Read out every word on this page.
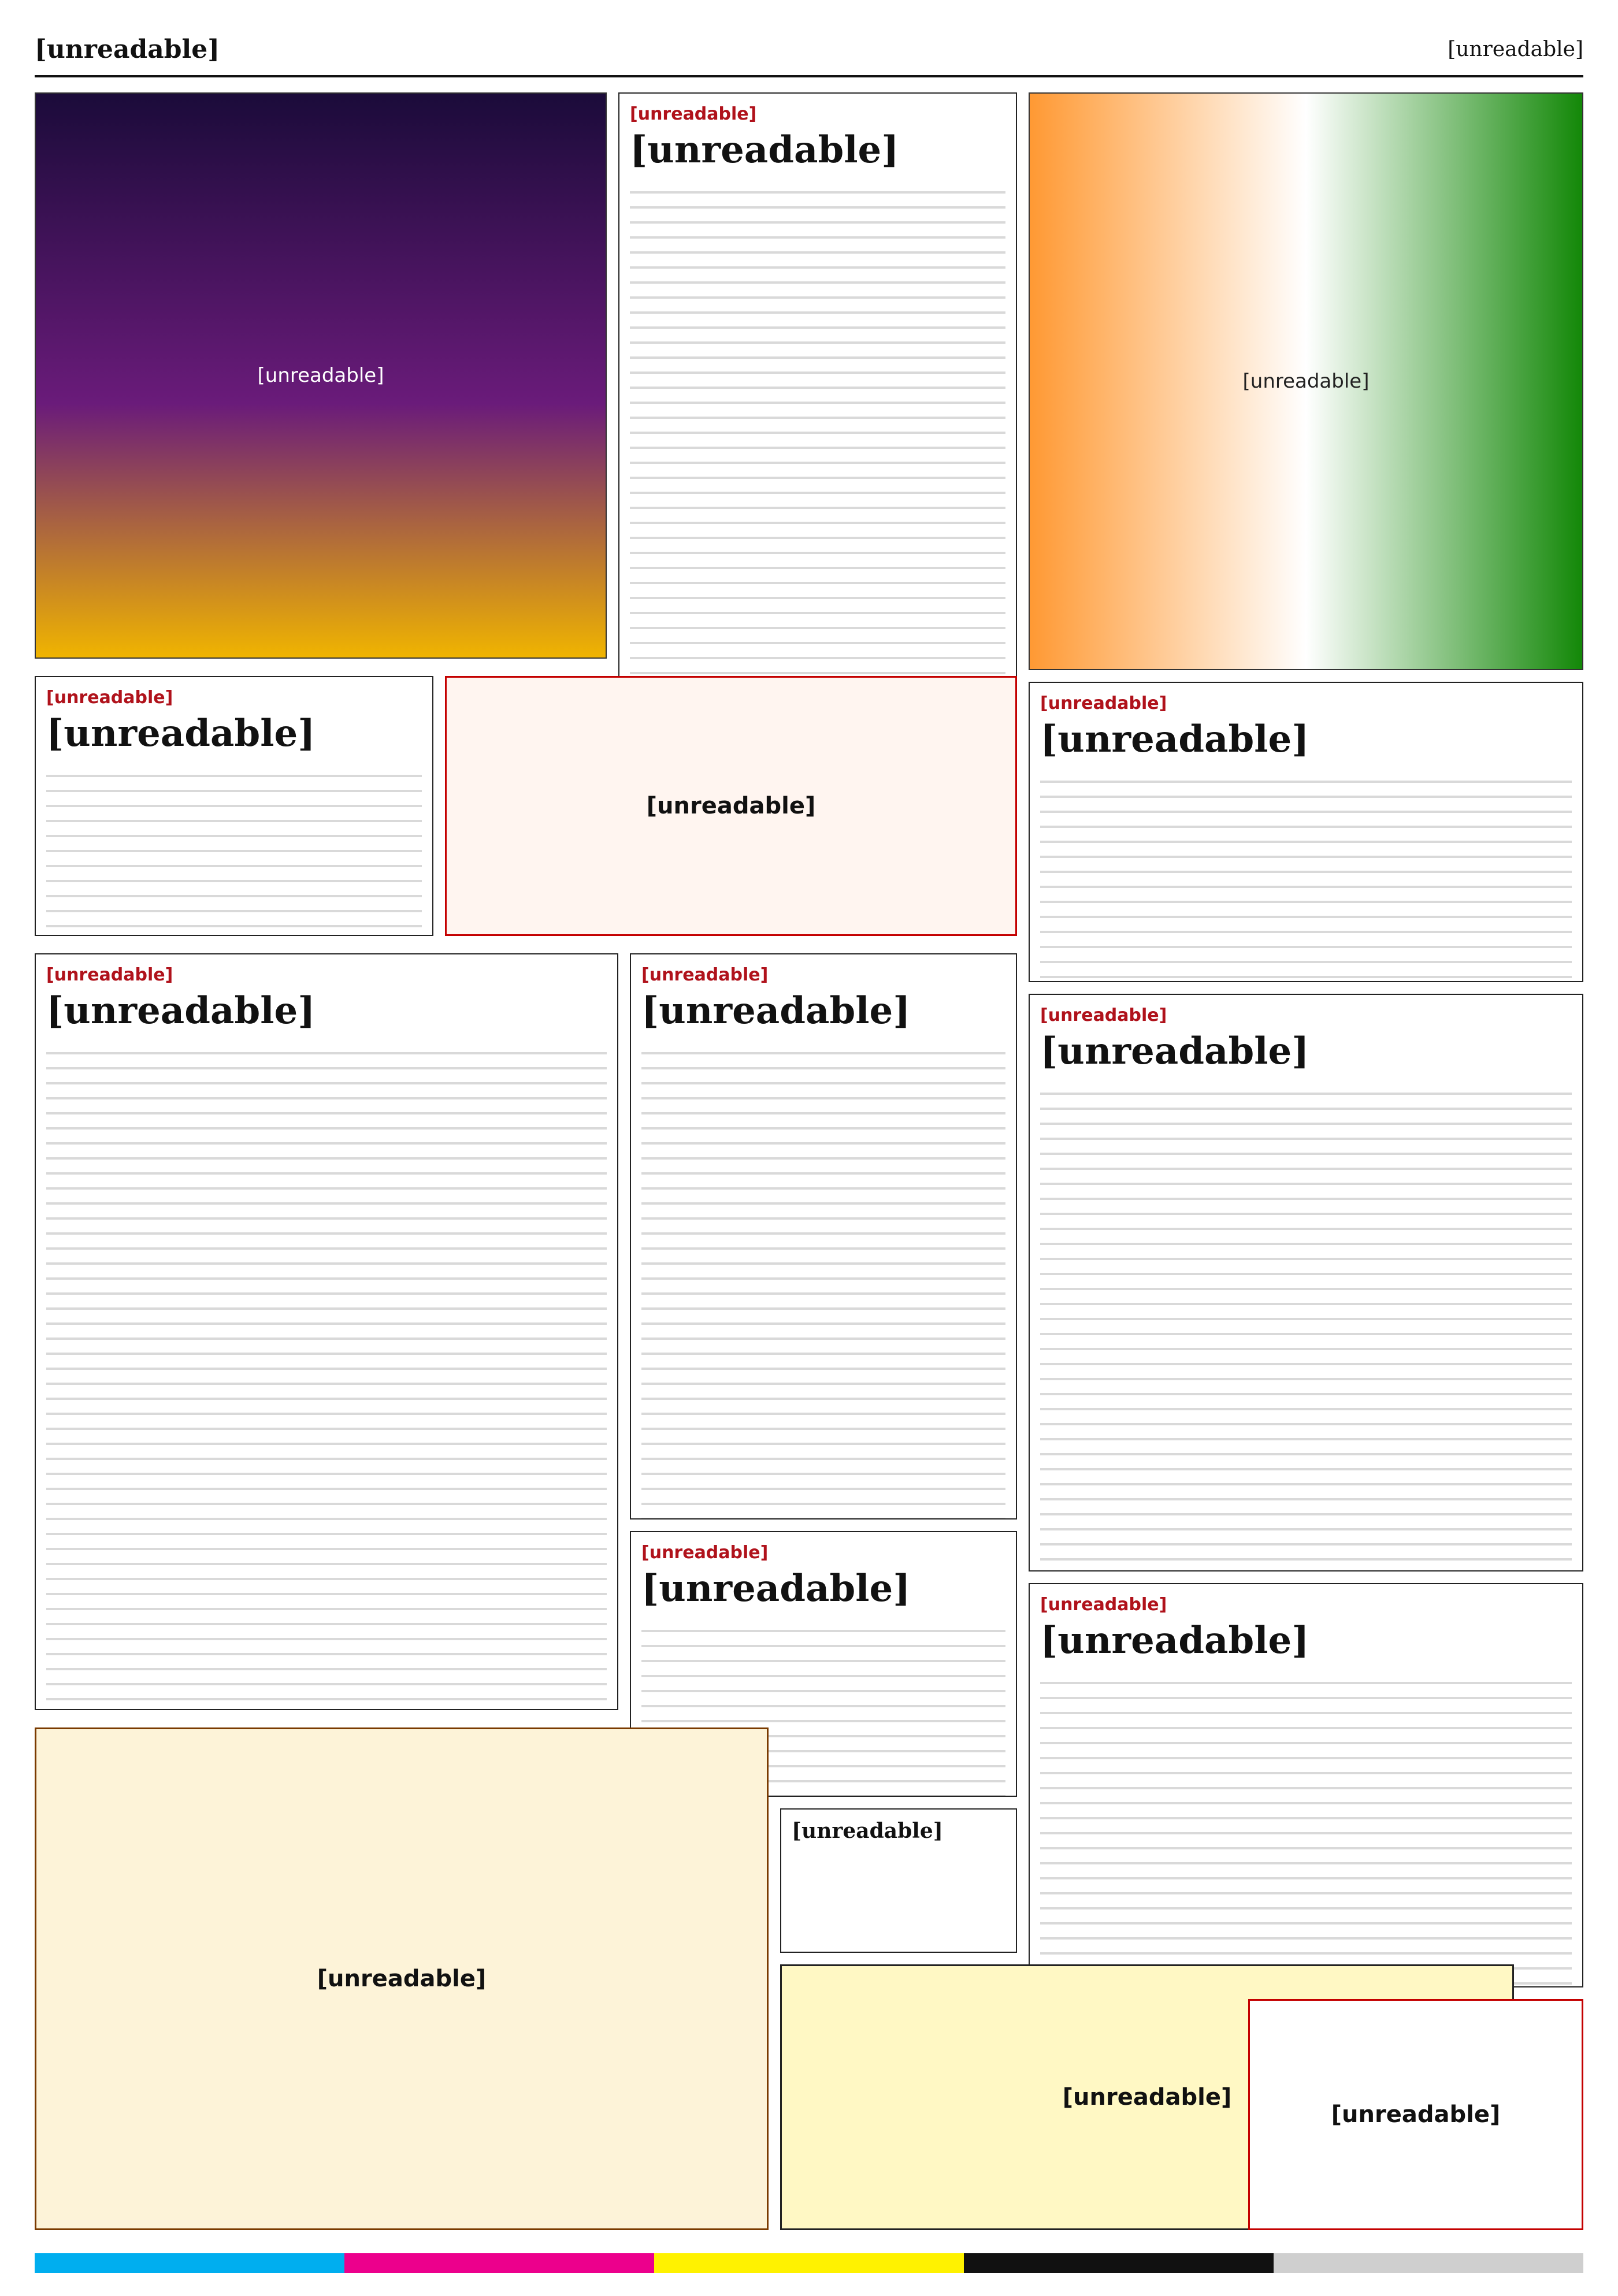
[unreadable]	[unreadable]
[unreadable]
[unreadable]
[unreadable]
[unreadable]
[unreadable]
[unreadable]
[unreadable]
[unreadable]
[unreadable]
[unreadable]
[unreadable]
[unreadable]
[unreadable]	[unreadable]
[unreadable]
[unreadable]
[unreadable]	[unreadable]
[unreadable]
[unreadable]
[unreadable]
[unreadable]
[unreadable]
